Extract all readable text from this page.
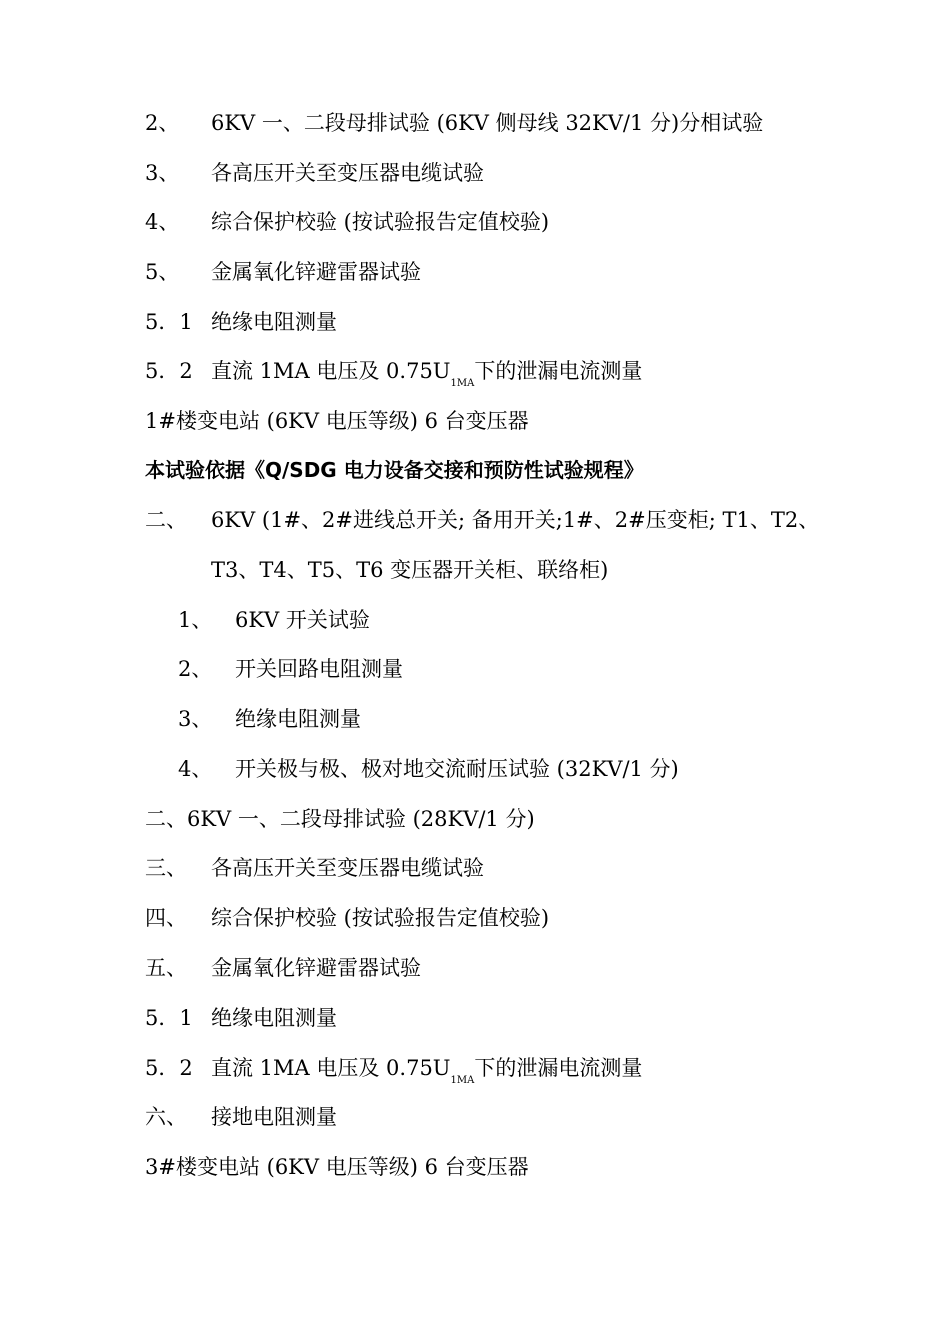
2、 6KV 一、二段母排试验 (6KV 侧母线 32KV/1 分)分相试验
3、 各高压开关至变压器电缆试验
4、 综合保护校验 (按试验报告定值校验)
5、 金属氧化锌避雷器试验
5．1 绝缘电阻测量
5．2 直流 1MA 电压及 $0.75U_{1MA}$下的泄漏电流测量
1#楼变电站 (6KV 电压等级) 6 台变压器
本试验依据《Q/SDG 电力设备交接和预防性试验规程》
二、 6KV (1#、2#进线总开关; 备用开关;1#、2#压变柜; T1、T2、
T3、T4、T5、T6 变压器开关柜、联络柜)
1、 6KV 开关试验
2、 开关回路电阻测量
3、 绝缘电阻测量
4、 开关极与极、极对地交流耐压试验 (32KV/1 分)
二、6KV 一、二段母排试验 (28KV/1 分)
三、 各高压开关至变压器电缆试验
四、 综合保护校验 (按试验报告定值校验)
五、 金属氧化锌避雷器试验
5．1 绝缘电阻测量
5．2 直流 1MA 电压及 $0.75U_{1MA}$下的泄漏电流测量
六、 接地电阻测量
3#楼变电站 (6KV 电压等级) 6 台变压器
